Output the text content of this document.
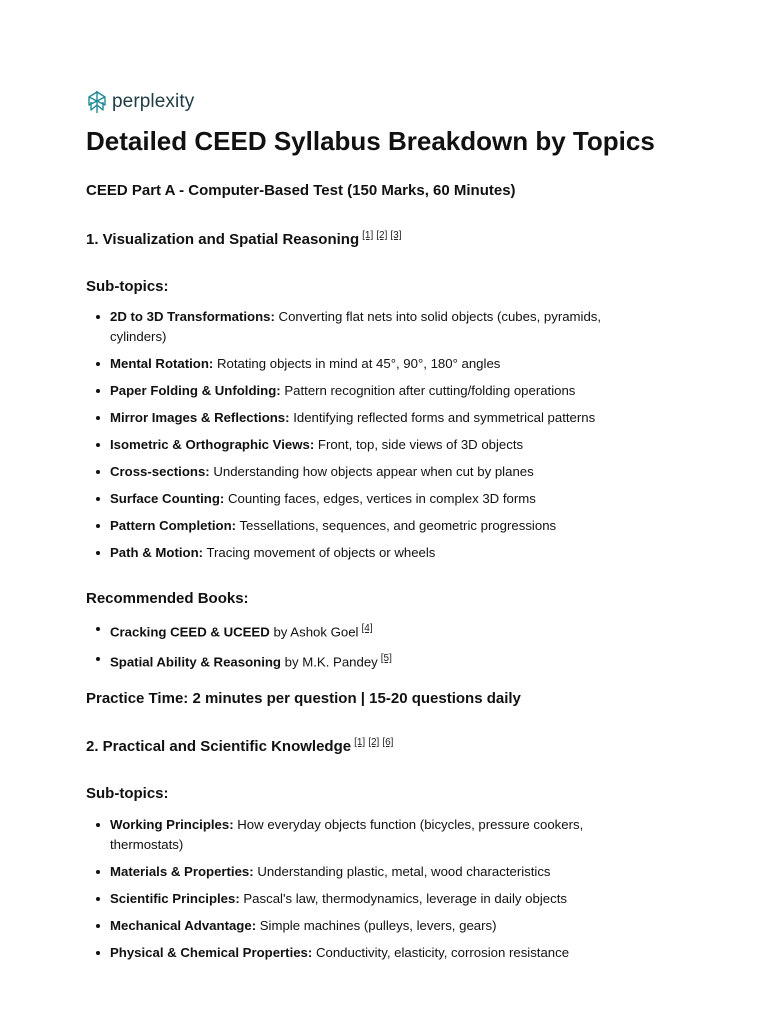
perplexity
Detailed CEED Syllabus Breakdown by Topics
CEED Part A - Computer-Based Test (150 Marks, 60 Minutes)
1. Visualization and Spatial Reasoning [1] [2] [3]
Sub-topics:
2D to 3D Transformations: Converting flat nets into solid objects (cubes, pyramids, cylinders)
Mental Rotation: Rotating objects in mind at 45°, 90°, 180° angles
Paper Folding & Unfolding: Pattern recognition after cutting/folding operations
Mirror Images & Reflections: Identifying reflected forms and symmetrical patterns
Isometric & Orthographic Views: Front, top, side views of 3D objects
Cross-sections: Understanding how objects appear when cut by planes
Surface Counting: Counting faces, edges, vertices in complex 3D forms
Pattern Completion: Tessellations, sequences, and geometric progressions
Path & Motion: Tracing movement of objects or wheels
Recommended Books:
Cracking CEED & UCEED by Ashok Goel [4]
Spatial Ability & Reasoning by M.K. Pandey [5]
Practice Time: 2 minutes per question | 15-20 questions daily
2. Practical and Scientific Knowledge [1] [2] [6]
Sub-topics:
Working Principles: How everyday objects function (bicycles, pressure cookers, thermostats)
Materials & Properties: Understanding plastic, metal, wood characteristics
Scientific Principles: Pascal's law, thermodynamics, leverage in daily objects
Mechanical Advantage: Simple machines (pulleys, levers, gears)
Physical & Chemical Properties: Conductivity, elasticity, corrosion resistance
